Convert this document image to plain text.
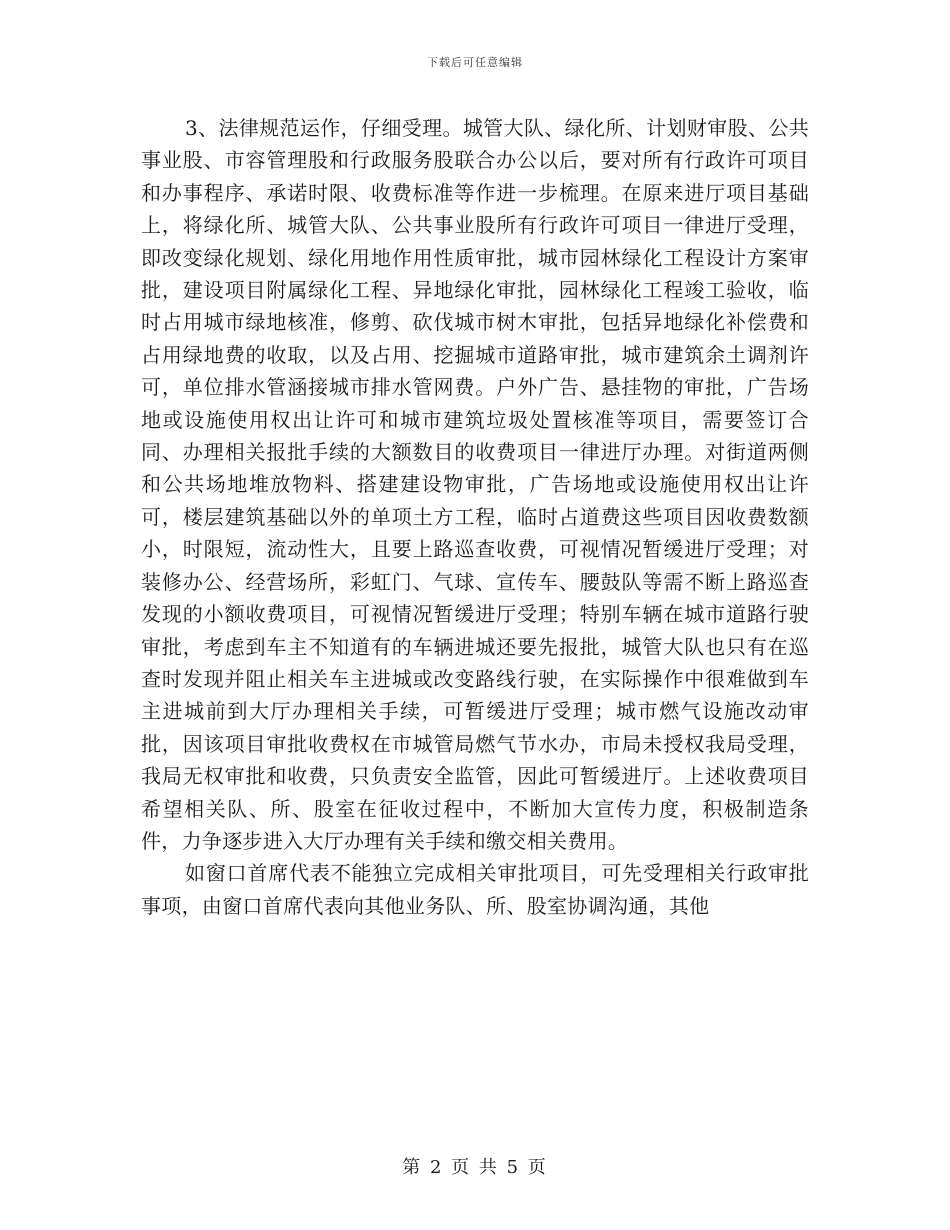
下载后可任意编辑

3、法律规范运作，仔细受理。城管大队、绿化所、计划财审股、公共事业股、市容管理股和行政服务股联合办公以后，要对所有行政许可项目和办事程序、承诺时限、收费标准等作进一步梳理。在原来进厅项目基础上，将绿化所、城管大队、公共事业股所有行政许可项目一律进厅受理，即改变绿化规划、绿化用地作用性质审批，城市园林绿化工程设计方案审批，建设项目附属绿化工程、异地绿化审批，园林绿化工程竣工验收，临时占用城市绿地核准，修剪、砍伐城市树木审批，包括异地绿化补偿费和占用绿地费的收取，以及占用、挖掘城市道路审批，城市建筑余土调剂许可，单位排水管涵接城市排水管网费。户外广告、悬挂物的审批，广告场地或设施使用权出让许可和城市建筑垃圾处置核准等项目，需要签订合同、办理相关报批手续的大额数目的收费项目一律进厅办理。对街道两侧和公共场地堆放物料、搭建建设物审批，广告场地或设施使用权出让许可，楼层建筑基础以外的单项土方工程，临时占道费这些项目因收费数额小，时限短，流动性大，且要上路巡查收费，可视情况暂缓进厅受理；对装修办公、经营场所，彩虹门、气球、宣传车、腰鼓队等需不断上路巡查发现的小额收费项目，可视情况暂缓进厅受理；特别车辆在城市道路行驶审批，考虑到车主不知道有的车辆进城还要先报批，城管大队也只有在巡查时发现并阻止相关车主进城或改变路线行驶，在实际操作中很难做到车主进城前到大厅办理相关手续，可暂缓进厅受理；城市燃气设施改动审批，因该项目审批收费权在市城管局燃气节水办，市局未授权我局受理，我局无权审批和收费，只负责安全监管，因此可暂缓进厅。上述收费项目希望相关队、所、股室在征收过程中，不断加大宣传力度，积极制造条件，力争逐步进入大厅办理有关手续和缴交相关费用。

如窗口首席代表不能独立完成相关审批项目，可先受理相关行政审批事项，由窗口首席代表向其他业务队、所、股室协调沟通，其他

第 2 页 共 5 页
